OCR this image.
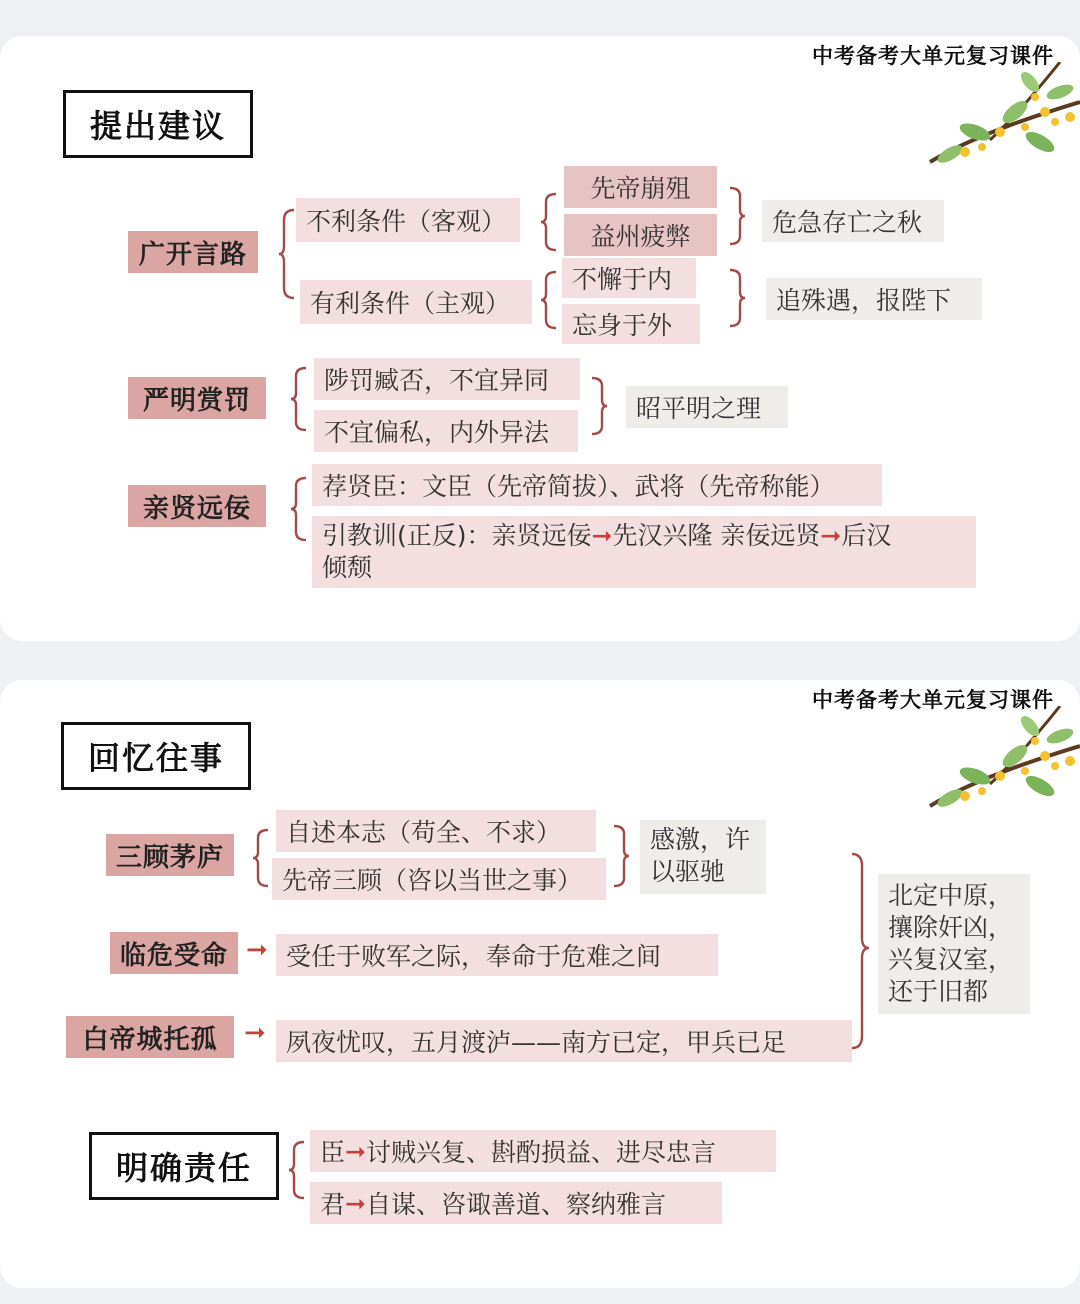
中考备考大单元复习课件
提出建议
广开言路
不利条件（客观）
有利条件（主观）
先帝崩殂
益州疲弊	危急存亡之秋
不懈于内
忘身于外
追殊遇，报陛下
严明赏罚
陟罚臧否，不宜异同
不宜偏私，内外异法
昭平明之理
亲贤远佞
荐贤臣：文臣（先帝简拔）、武将（先帝称能）
引教训(正反)：亲贤远佞➞先汉兴隆 亲佞远贤➞后汉
倾颓
中考备考大单元复习课件
回忆往事
三顾茅庐
自述本志（苟全、不求）
先帝三顾（咨以当世之事）
感激，许
以驱驰
临危受命 ➞ 受任于败军之际，奉命于危难之间
白帝城托孤	➞ 夙夜忧叹，五月渡泸——南方已定，甲兵已足
北定中原，
攘除奸凶，
兴复汉室，
还于旧都
明确责任	臣 ➞ 讨贼兴复、斟酌损益、进尽忠言
君 ➞ 自谋、咨诹善道、察纳雅言
